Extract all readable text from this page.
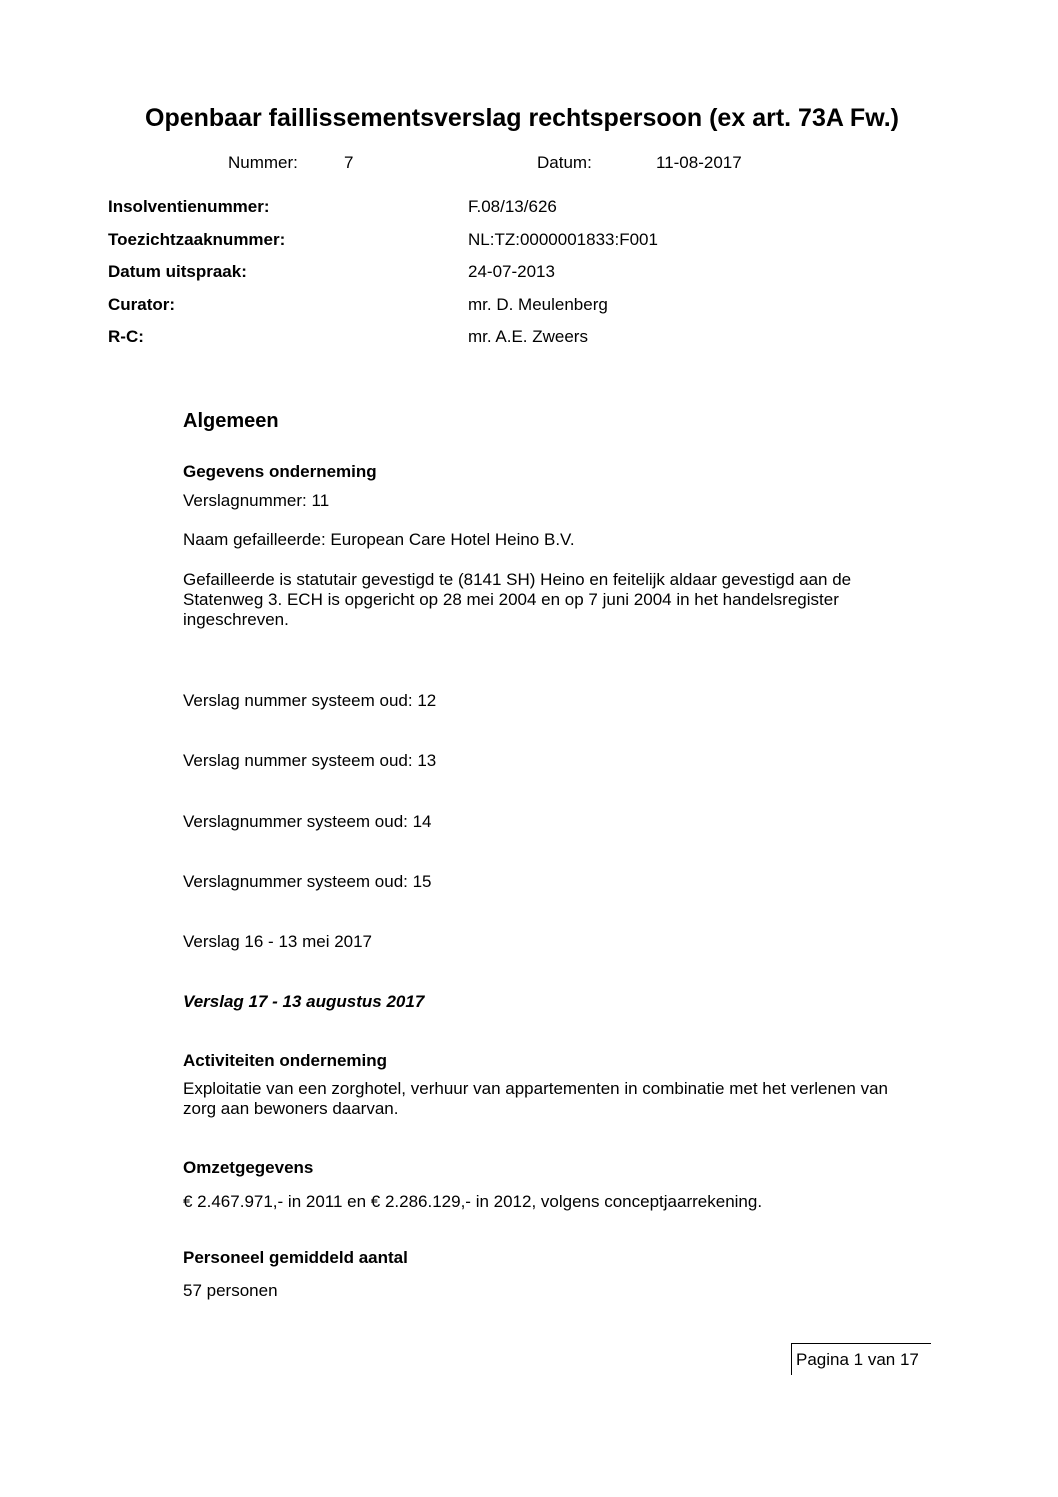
Openbaar faillissementsverslag rechtspersoon (ex art. 73A Fw.)
Nummer:	7	Datum:	11-08-2017
Insolventienummer:	F.08/13/626
Toezichtzaaknummer:	NL:TZ:0000001833:F001
Datum uitspraak:	24-07-2013
Curator:	mr. D. Meulenberg
R-C:	mr. A.E. Zweers
Algemeen
Gegevens onderneming
Verslagnummer: 11
Naam gefailleerde: European Care Hotel Heino B.V.
Gefailleerde is statutair gevestigd te (8141 SH) Heino en feitelijk aldaar gevestigd aan de Statenweg 3. ECH is opgericht op 28 mei 2004 en op 7 juni 2004 in het handelsregister ingeschreven.
Verslag nummer systeem oud: 12
Verslag nummer systeem oud: 13
Verslagnummer systeem oud: 14
Verslagnummer systeem oud: 15
Verslag 16 - 13 mei 2017
Verslag 17 - 13 augustus 2017
Activiteiten onderneming
Exploitatie van een zorghotel, verhuur van appartementen in combinatie met het verlenen van zorg aan bewoners daarvan.
Omzetgegevens
€ 2.467.971,- in 2011 en € 2.286.129,- in 2012, volgens conceptjaarrekening.
Personeel gemiddeld aantal
57 personen
Pagina 1 van 17
